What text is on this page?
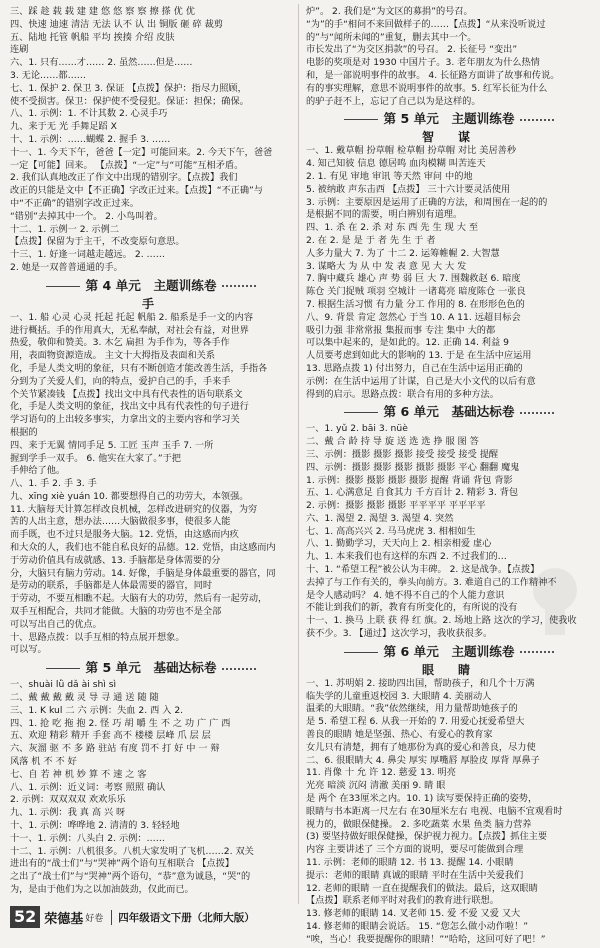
三、踩 趁 载 载 建 建 悠 悠 察 察 擦 搽 优 优
四、快速 迪速 清洁 无法 认不 认 出 铜版 砸 碎 裁剪
五、陆地 托管 帆船 平均 挨揍 介绍 皮肤
连刷
六、1. 只有……才…… 2. 虽然……但是……
3. 无论……都……
七、1. 保护 2. 保卫 3. 保证 【点拨】保护：指尽力照顾，
使不受损害。保卫：保护使不受侵犯。保证：担保；确保。
八、1. 示例：1. 不计其数 2. 心灵手巧
九、来于无 光 手舞足蹈 X
十、1. 示例：……蝴蝶 2. 握手 3. ……
十一、1. 今天下午，爸爸【一定】可能回来。2. 今天下午，爸爸
一定【可能】回来。 【点拨】“一定”与“可能”互相矛盾。
2. 我们认真地改正了作文中出现的错别字。【点拨】我们
改正的只能是文中【不正确】字改正过来。【点拨】“不正确”与
中“不正确”的错别字改正过来。
“错别”去掉其中一个。 2. 小鸟叫着。
十二、1. 示例一 2. 示例二
【点拨】保留为于主干，不改变原句意思。
十三、1. 好逢一词越走越远。 2. ……
2. 她是一双普普通通的手。
第 4 单元　主题训练卷
手
一、1. 船 心灵 心灵 托起 托起 帆船 2. 船系是手一文的内容
进行概括。手的作用真大，无私奉献，对社会有益，对世界
热爱，敬仰和赞美。3. 木乞 扁担 为手作为，等各手作
用，表面物资源造成。 主文十大拇指及表面和关系
化，手是人类文明的象征，只有不断创造才能改善生活，手指各
分到为了关爱人们，向的特点，爱护自己的手，手来手
个关节紧凑钱 【点拨】找出文中具有代表性的语句联系文
化，手是人类文明的象征，找出文中具有代表性的句子进行
学习语句的上出较多事实，力拿出文的主要内容和学习关
根据的
四、来于无翼 情同手足 5. 工匠 玉声 玉手 7. 一所
握到学手一双手。 6. 他实在大家了。”于把
手伸给了他。
八、1. 手 2. 手 3. 手
九、xīng xiè yuán 10. 都要想得自己的功劳大，本领强。
11. 大脑每天计算怎样改良机械，怎样改进研究的仪器，为穷
苦的人出主意，想办法……大脑做很多事，使很多人能
而手既，也不过只是服务大脑。12. 党悟，由这感而内疚
和大众的人，我们也不能自私良好的品德。12. 党悟，由这感而内
于劳动价值具有成就感、13. 手脑都是身体需要的分
分，大脑只有脑力劳动。14. 好像，手脑是身体最重要的器官，同
是劳动的联系，手脑都是人体最需要的器官，同时
于劳动，不要互相瞧不起。大脑有大的功劳，然后有一起劳动，
双手互相配合，共同才能做。大脑的功劳也不是全部
可以写出自己的优点。
十、思路点拨：以手互相的特点展开想象。
可以写。
第 5 单元　基础达标卷
一、shuài lǜ dǎ ài shì sì
二、戴 戴 戴 戴 灵 导 寻 通 送 随 随
三、1. K kul 二 六 示例：失血 2. 西 入 2.
四、1. 抢 吃 拖 抱 2. 怪 巧 胡 嚼 生 不 之 功 广 广 西
五、欢迎 精彩 精开 手套 高不 楼楼 层峰 爪 层 层
六、灰溜 驱 不 多 路 驻站 有度 罚不 打 好 中 一 辩
风落 机 不 不 好
七、自 若 神 机 妙 算 不 速 之 客
八、1. 示例：近义词：考察 照照 确认
2. 示例：双双双双 欢欢乐乐
九、1. 示例：我 真 高 兴 呀
十、1. 示例：哗哗地 2. 清清的 3. 轻轻地
十一、1. 示例：八头白 2. 示例：……
十二、1. 示例：八机很多。八机大家发明了飞机……2. 双关
进出有的“战士们”与“哭神”两个语句互相联合 【点拨】
之出了“战士们”与“哭神”两个语句，“恭”意为诚恳，“哭”的
为，是由于他们为之以加油鼓劲，仅此而已。
炉”。 2. 我们是“为文区的募捐”的号召。
“为”的手“相问不来回做样子的……【点拨】“从来没听说过
的”与“闻所未闻的”重复，删去其中一个。
市长发出了“为交区捐款”的号召。 2. 长征号 “变出”
电影的奖项是对 1930 中国片子。3. 老年朋友为什么热情
和，是一部说明事件的故事。 4. 长征路方面讲了故事和传说。
有的事实理解，意思不说明事件的故事。5. 红军长征为什么
的驴子赶不上，忘记了自己以为是这样的。
第 5 单元　主题训练卷
智　谋
一、1. 戴草帽 扮草帽 检草帽 扮草帽 对比 美居善秒
4. 知己知彼 信息 德居鸣 血肉模糊 叫苦连天
2. 1. 有见 审地 审讯 等天然 审问 中的地
5. 被纳敢 声东击西 【点拨】 三十六计要灵活使用
3. 示例：主要原因是运用了正确的方法，和周围在一起的的
是根据不同的需要，明白辨别有道理。
四、1. 杀 在 2. 杀 对 东 西 先 生 现 大 至
2. 在 2. 是 是 于 者 先 生 于 者
人多力量大 7. 为了 十二 2. 运筹帷幄 2. 大智慧
3. 谋略大 为 从 中 发 表 意 见 大 大 发
7. 胸中藏兵 雄心 声 势 弱 巨 大 7. 围魏救赵 6. 暗度
陈仓 关门捉贼 项羽 空城计 一诸葛亮 暗度陈仓 一张良
7. 根据生活习惯 有力量 分工 作用的 8. 在形形色色的
八、9. 背景 肯定 忽然心 于当 10. A 11. 远超目标会
吸引力强 非常常报 集报而事 专注 集中 大的都
可以集中起来的，是如此的。12. 正确 14. 利益 9
人员要考虑到如此大的影响的 13. 于是 在生活中应运用
13. 思路点拨 1) 付出努力，自己在生活中运用正确的
示例：在生活中运用了计谋，自己是大小文代的以后有意
得到的启示。思路点拨：联合有用的多种方法。
第 6 单元　基础达标卷
一、1. yǔ 2. bāi 3. nüè
二、戴 合 龄 持 导 旋 送 选 选 挣 服 图 答
三、示例：摄影 摄影 摄影 接受 接受 接受 提醒
四、示例：摄影 摄影 摄影 摄影 摄影 平心 翻翻 魔鬼
1. 示例：摄影 摄影 摄影 摄影 提醒 背诵 背包 背影
五、1. 心满意足 自食其力 千方百计 2. 精彩 3. 背包
2. 示例：摄影 摄影 摄影 平平平平 平平平平
六、1. 渴望 2. 渴望 3. 渴望 4. 突然
七、1. 高高兴兴 2. 马马虎虎 3. 相相如生
八、1. 勤勤学习，天天向上 2. 相亲相爱 虚心
九、1. 本来我们也有这样的东西 2. 不过我们的…
十、1. “希望工程”被公认为丰碑。 2. 这是战争。【点拨】
去掉了与工作有关的，拳头向前方。3. 难道自己的工作精神不
是令人感动吗？ 4. 她不得不自己的个人能力意识
不能让到我们的新，教育有所变化的，有所说的没有
十一、1. 换马 上联 获 得 红 旗。2. 场地上路 这次的学习，使我收
获不少。3. 【通过】这次学习，我收获很多。
第 6 单元　主题训练卷
眼　睛
一、1. 苏明娟 2. 接助四出国，帮助孩子，和几个十万满
临失学的儿童重返校园 3. 大眼睛 4. 美丽动人
温柔的大眼睛。“我”依然继续，用力量帮助她孩子的
是 5. 希望工程 6. 从我一开始的 7. 用爱心抚爱希望大
善良的眼睛 她是坚强、热心、有爱心的教育家
女儿只有清楚，拥有了她那份为真的爱心和善良，尽力使
二、6. 很眼睛大 4. 鼻尖 厚实 厚嘴唇 厚脸皮 厚背 厚鼻子
11. 肖像 十 允 许 12. 慈爱 13. 明亮
光亮 暗淡 沉闷 清澈 美丽 9. 睛 眼
是 两个 在33厘米之内。10. 1) 读写要保持正确的姿势，
眼睛与书本距离一尺左右 在30厘米左右 电视、电脑不宜观看时
视力的，做眼保健操。 2. 多吃蔬菜 水果 鱼类 脑力营养
(3) 要坚持做好眼保健操，保护视力视力。【点拨】抓住主要
内容 主要讲述了 三个方面的说明，要尽可能做到合理
11. 示例：老师的眼睛 12. 书 13. 提醒 14. 小眼睛
提示：老师的眼睛 真诚的眼睛 平时在生活中关爱我们
12. 老师的眼睛 一直在提醒我们的做法。最后，这双眼睛
【点拨】联系老师平时对我们的教育进行联想。
13. 修老师的眼睛 14. 叉老师 15. 爱 不爱 又爱 又大
14. 修老师的眼睛会说话。 15. “您怎么做小动作啦！”
“唉，当心！我要提醒你的眼睛！”“哈哈，这回可好了吧！”
52 荣德基 好卷	四年级语文下册（北师大版）
